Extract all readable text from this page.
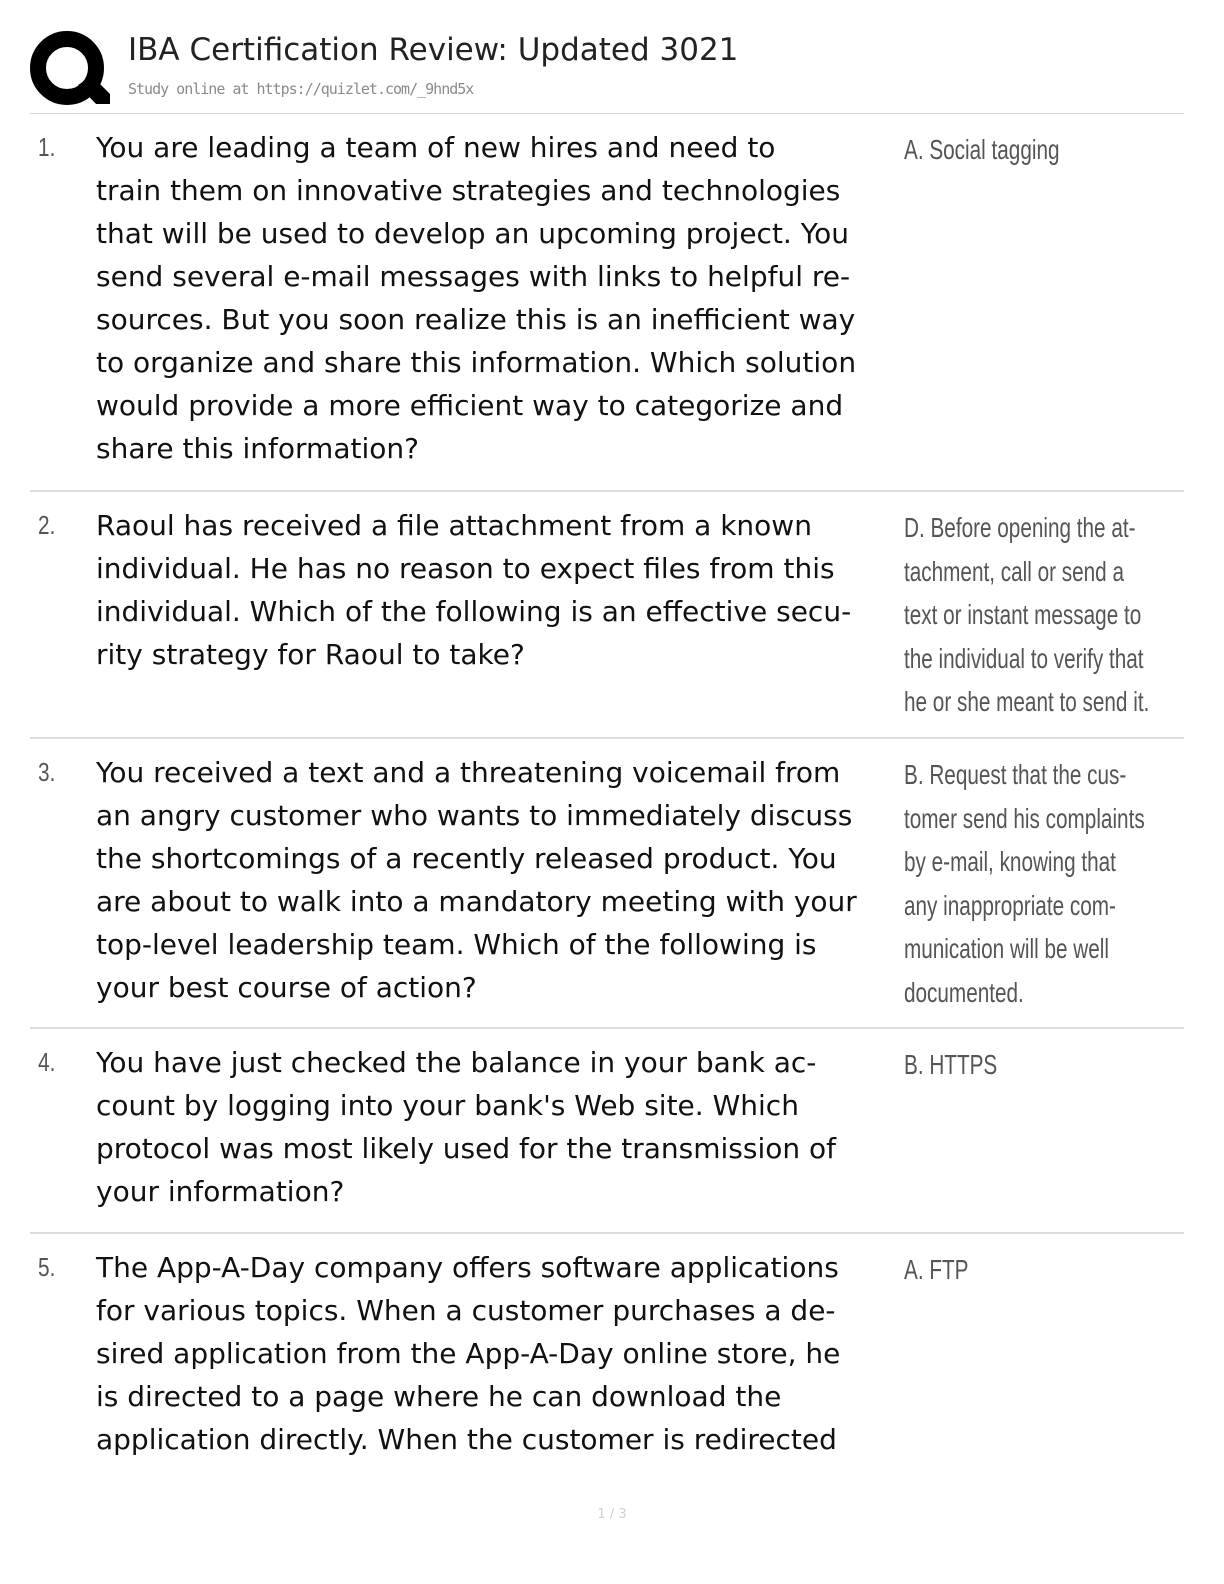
IBA Certification Review: Updated 3021
Study online at https://quizlet.com/_9hnd5x
1. You are leading a team of new hires and need to
train them on innovative strategies and technologies
that will be used to develop an upcoming project. You
send several e-mail messages with links to helpful re-
sources. But you soon realize this is an inefficient way
to organize and share this information. Which solution
would provide a more efficient way to categorize and
share this information?
A. Social tagging
2. Raoul has received a file attachment from a known
individual. He has no reason to expect files from this
individual. Which of the following is an effective secu-
rity strategy for Raoul to take?
D. Before opening the at-
tachment, call or send a
text or instant message to
the individual to verify that
he or she meant to send it.
3. You received a text and a threatening voicemail from
an angry customer who wants to immediately discuss
the shortcomings of a recently released product. You
are about to walk into a mandatory meeting with your
top-level leadership team. Which of the following is
your best course of action?
B. Request that the cus-
tomer send his complaints
by e-mail, knowing that
any inappropriate com-
munication will be well
documented.
4. You have just checked the balance in your bank ac-
count by logging into your bank's Web site. Which
protocol was most likely used for the transmission of
your information?
B. HTTPS
5. The App-A-Day company offers software applications
for various topics. When a customer purchases a de-
sired application from the App-A-Day online store, he
is directed to a page where he can download the
application directly. When the customer is redirected
A. FTP
1 / 3
